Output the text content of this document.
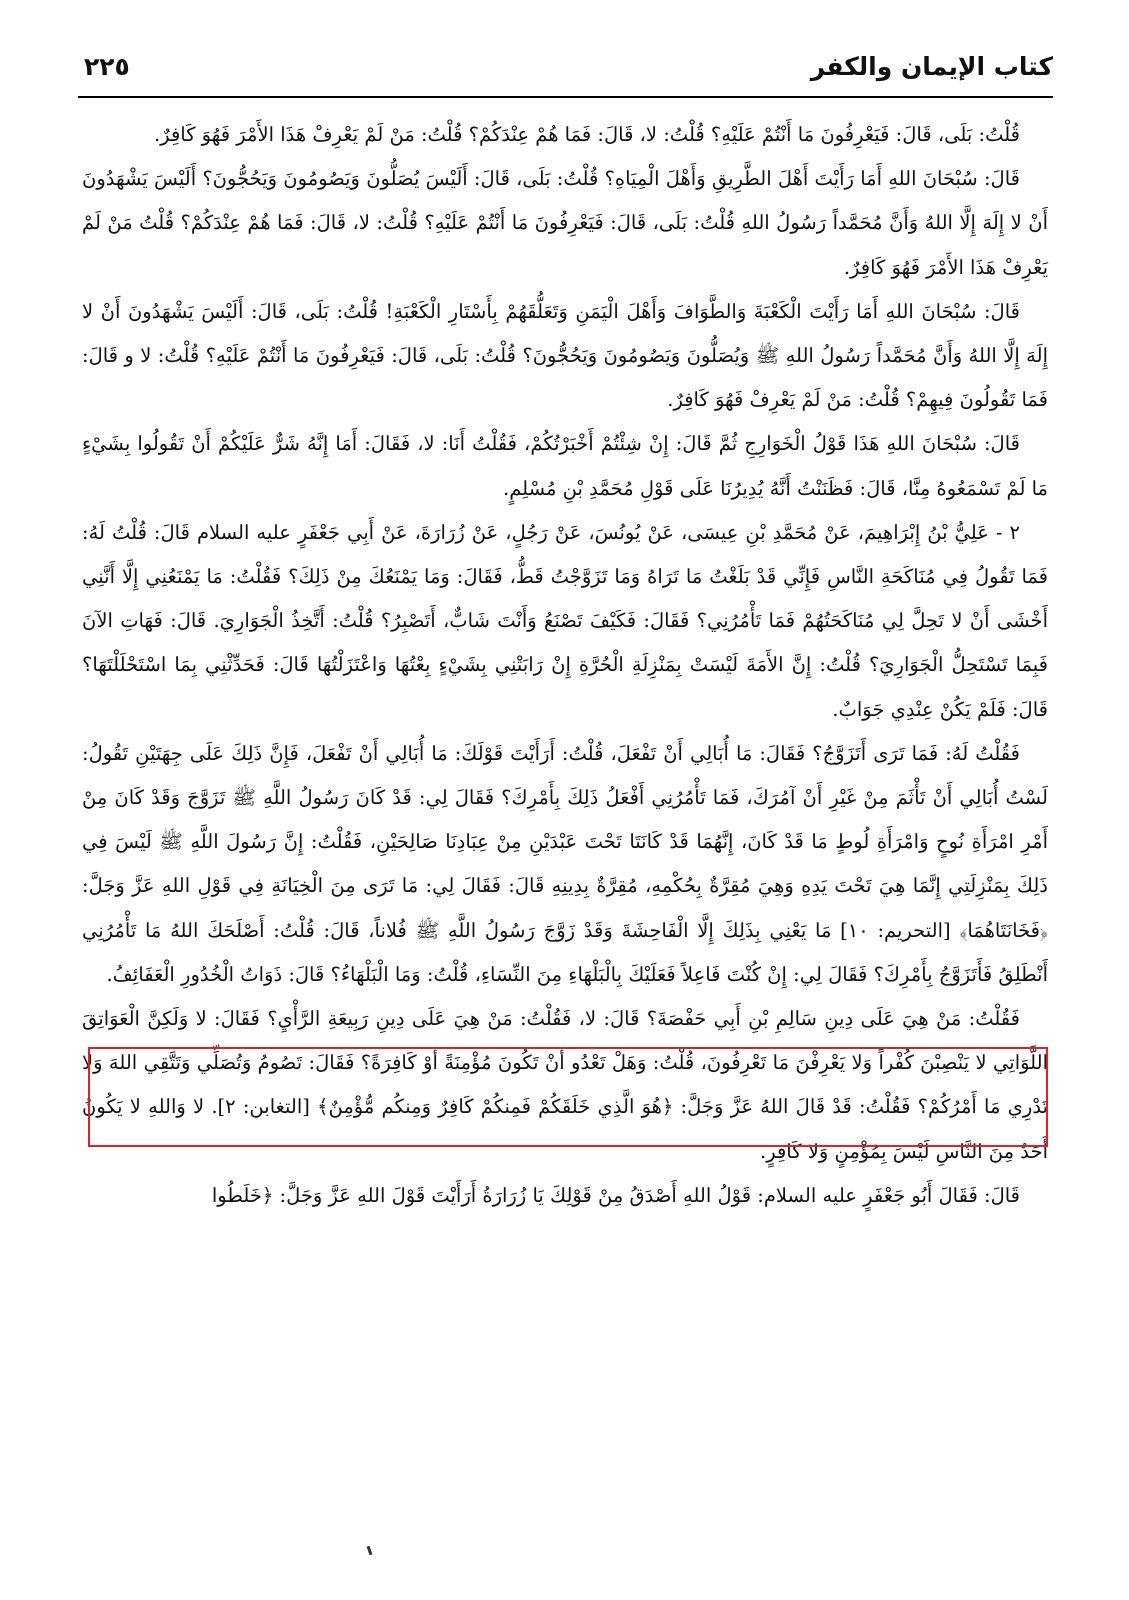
كتاب الإيمان والكفر
٢٢٥

قُلْتُ: بَلَى، قَالَ: فَيَعْرِفُونَ مَا أَنْتُمْ عَلَيْهِ؟ قُلْتُ: لا، قَالَ: فَمَا هُمْ عِنْدَكُمْ؟ قُلْتُ: مَنْ لَمْ يَعْرِفْ هَذَا الأَمْرَ فَهُوَ كَافِرٌ.

قَالَ: سُبْحَانَ اللهِ أَمَا رَأَيْتَ أَهْلَ الطَّرِيقِ وَأَهْلَ الْمِيَاهِ؟ قُلْتُ: بَلَى، قَالَ: أَلَيْسَ يُصَلُّونَ وَيَصُومُونَ وَيَحُجُّونَ؟ أَلَيْسَ يَشْهَدُونَ أَنْ لا إِلَهَ إِلَّا اللهُ وَأَنَّ مُحَمَّداً رَسُولُ اللهِ قُلْتُ: بَلَى، قَالَ: فَيَعْرِفُونَ مَا أَنْتُمْ عَلَيْهِ؟ قُلْتُ: لا، قَالَ: فَمَا هُمْ عِنْدَكُمْ؟ قُلْتُ مَنْ لَمْ يَعْرِفْ هَذَا الأَمْرَ فَهُوَ كَافِرٌ.

قَالَ: سُبْحَانَ اللهِ أَمَا رَأَيْتَ الْكَعْبَةَ وَالطَّوَافَ وَأَهْلَ الْيَمَنِ وَتَعَلُّقَهُمْ بِأَسْتَارِ الْكَعْبَةِ! قُلْتُ: بَلَى، قَالَ: أَلَيْسَ يَشْهَدُونَ أَنْ لا إِلَهَ إِلَّا اللهُ وَأَنَّ مُحَمَّداً رَسُولُ اللهِ ﷺ وَيُصَلُّونَ وَيَصُومُونَ وَيَحُجُّونَ؟ قُلْتُ: بَلَى، قَالَ: فَيَعْرِفُونَ مَا أَنْتُمْ عَلَيْهِ؟ قُلْتُ: لا و قَالَ: فَمَا تَقُولُونَ فِيهِمْ؟ قُلْتُ: مَنْ لَمْ يَعْرِفْ فَهُوَ كَافِرٌ.

قَالَ: سُبْحَانَ اللهِ هَذَا قَوْلُ الْخَوَارِجِ ثُمَّ قَالَ: إِنْ شِئْتُمْ أَخْبَرْتُكُمْ، فَقُلْتُ أَنَا: لا، فَقَالَ: أَمَا إِنَّهُ شَرٌّ عَلَيْكُمْ أَنْ تَقُولُوا بِشَيْءٍ مَا لَمْ تَسْمَعُوهُ مِنَّا، قَالَ: فَظَنَنْتُ أَنَّهُ يُدِيرُنَا عَلَى قَوْلِ مُحَمَّدِ بْنِ مُسْلِمٍ.

٢ - عَلِيُّ بْنُ إِبْرَاهِيمَ، عَنْ مُحَمَّدِ بْنِ عِيسَى، عَنْ يُونُسَ، عَنْ رَجُلٍ، عَنْ زُرَارَةَ، عَنْ أَبِي جَعْفَرٍ عليه السلام قَالَ: قُلْتُ لَهُ: فَمَا تَقُولُ فِي مُنَاكَحَةِ النَّاسِ فَإِنِّي قَدْ بَلَغْتُ مَا تَرَاهُ وَمَا تَزَوَّجْتُ قَطُّ، فَقَالَ: وَمَا يَمْنَعُكَ مِنْ ذَلِكَ؟ فَقُلْتُ: مَا يَمْنَعُنِي إِلَّا أَنَّنِي أَخْشَى أَنْ لا تَحِلَّ لِي مُنَاكَحَتُهُمْ فَمَا تَأْمُرُنِي؟ فَقَالَ: فَكَيْفَ تَصْنَعُ وَأَنْتَ شَابٌّ، أَتَصْبِرُ؟ قُلْتُ: أَتَّخِذُ الْجَوَارِيَ. قَالَ: فَهَاتِ الآنَ فَبِمَا تَسْتَحِلُّ الْجَوَارِيَ؟ قُلْتُ: إِنَّ الأَمَةَ لَيْسَتْ بِمَنْزِلَةِ الْحُرَّةِ إِنْ رَابَتْنِي بِشَيْءٍ بِعْتُهَا وَاعْتَزَلْتُهَا قَالَ: فَحَدِّثْنِي بِمَا اسْتَحْلَلْتَهَا؟ قَالَ: فَلَمْ يَكُنْ عِنْدِي جَوَابٌ.

فَقُلْتُ لَهُ: فَمَا تَرَى أَتَزَوَّجُ؟ فَقَالَ: مَا أُبَالِي أَنْ تَفْعَلَ، قُلْتُ: أَرَأَيْتَ قَوْلَكَ: مَا أُبَالِي أَنْ تَفْعَلَ، فَإِنَّ ذَلِكَ عَلَى جِهَتَيْنِ تَقُولُ: لَسْتُ أُبَالِي أَنْ تَأْثَمَ مِنْ غَيْرِ أَنْ آمُرَكَ، فَمَا تَأْمُرُنِي أَفْعَلُ ذَلِكَ بِأَمْرِكَ؟ فَقَالَ لِي: قَدْ كَانَ رَسُولُ اللَّهِ ﷺ تَزَوَّجَ وَقَدْ كَانَ مِنْ أَمْرِ امْرَأَةِ نُوحٍ وَامْرَأَةِ لُوطٍ مَا قَدْ كَانَ، إِنَّهُمَا قَدْ كَانَتَا تَحْتَ عَبْدَيْنِ مِنْ عِبَادِنَا صَالِحَيْنِ، فَقُلْتُ: إِنَّ رَسُولَ اللَّهِ ﷺ لَيْسَ فِي ذَلِكَ بِمَنْزِلَتِي إِنَّمَا هِيَ تَحْتَ يَدِهِ وَهِيَ مُقِرَّةٌ بِحُكْمِهِ، مُقِرَّةٌ بِدِينِهِ قَالَ: فَقَالَ لِي: مَا تَرَى مِنَ الْخِيَانَةِ فِي قَوْلِ اللهِ عَزَّ وَجَلَّ: ﴿فَخَانَتَاهُمَا﴾ [التحريم: ١٠] مَا يَعْنِي بِذَلِكَ إِلَّا الْفَاحِشَةَ وَقَدْ زَوَّجَ رَسُولُ اللَّهِ ﷺ فُلاناً، قَالَ: قُلْتُ: أَصْلَحَكَ اللهُ مَا تَأْمُرُنِي أَنْطَلِقُ فَأَتَزَوَّجُ بِأَمْرِكَ؟ فَقَالَ لِي: إِنْ كُنْتَ فَاعِلاً فَعَلَيْكَ بِالْبَلْهَاءِ مِنَ النِّسَاءِ، قُلْتُ: وَمَا الْبَلْهَاءُ؟ قَالَ: ذَوَاتُ الْخُدُورِ الْعَفَائِفُ.

فَقُلْتُ: مَنْ هِيَ عَلَى دِينِ سَالِمِ بْنِ أَبِي حَفْصَةَ؟ قَالَ: لا، فَقُلْتُ: مَنْ هِيَ عَلَى دِينِ رَبِيعَةِ الرَّأْيِ؟ فَقَالَ: لا وَلَكِنَّ الْعَوَاتِقَ اللَّوَاتِي لا يَنْصِبْنَ كُفْراً وَلا يَعْرِفْنَ مَا تَعْرِفُونَ، قُلْتُ: وَهَلْ تَعْدُو أَنْ تَكُونَ مُؤْمِنَةً أَوْ كَافِرَةً؟ فَقَالَ: تَصُومُ وَتُصَلِّي وَتَتَّقِي اللهَ وَلا تَدْرِي مَا أَمْرُكُمْ؟ فَقُلْتُ: قَدْ قَالَ اللهُ عَزَّ وَجَلَّ: ﴿هُوَ الَّذِي خَلَقَكُمْ فَمِنكُمْ كَافِرٌ وَمِنكُم مُّؤْمِنٌ﴾ [التغابن: ٢]. لا وَاللهِ لا يَكُونُ أَحَدٌ مِنَ النَّاسِ لَيْسَ بِمُؤْمِنٍ وَلا كَافِرٍ.

قَالَ: فَقَالَ أَبُو جَعْفَرٍ عليه السلام: قَوْلُ اللهِ أَصْدَقُ مِنْ قَوْلِكَ يَا زُرَارَةُ أَرَأَيْتَ قَوْلَ اللهِ عَزَّ وَجَلَّ: ﴿خَلَطُوا
